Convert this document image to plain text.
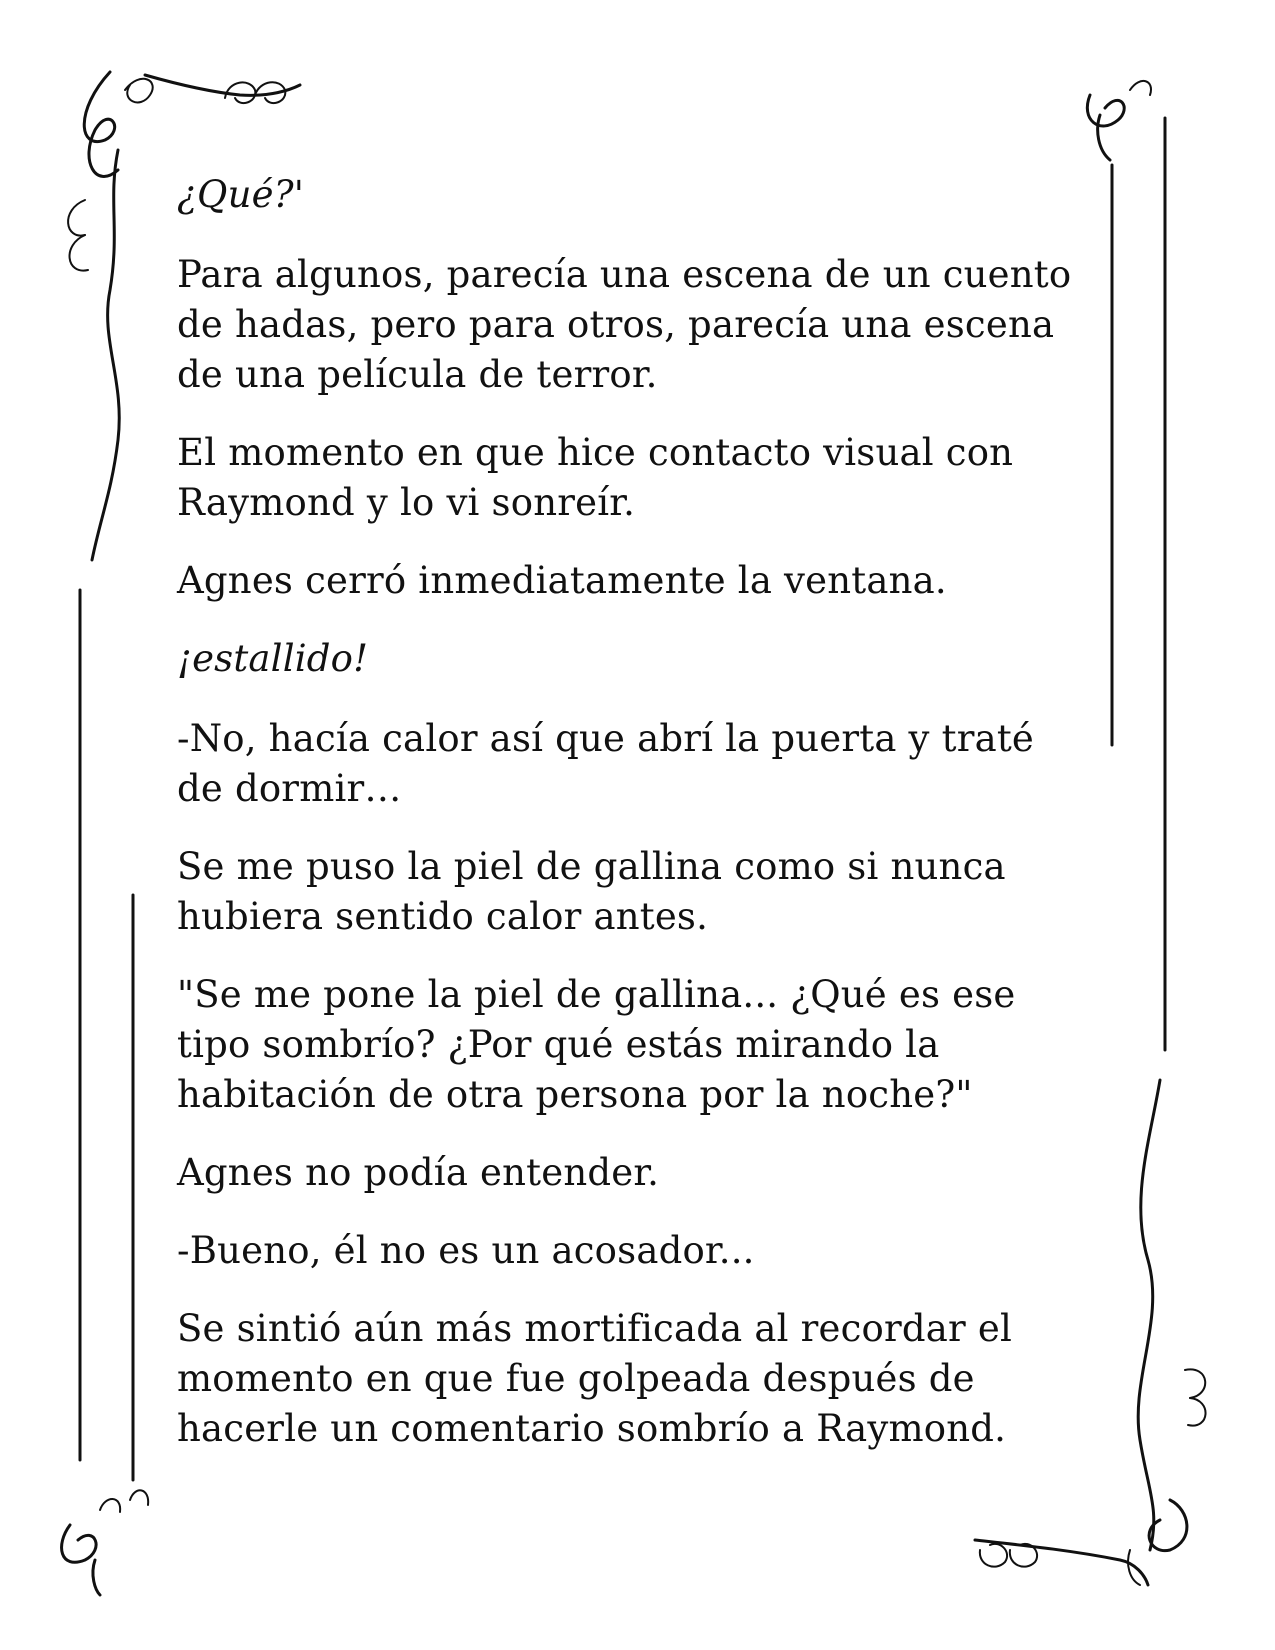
¿Qué?'

Para algunos, parecía una escena de un cuento de hadas, pero para otros, parecía una escena de una película de terror.

El momento en que hice contacto visual con Raymond y lo vi sonreír.

Agnes cerró inmediatamente la ventana.

¡estallido!

-No, hacía calor así que abrí la puerta y traté de dormir…

Se me puso la piel de gallina como si nunca hubiera sentido calor antes.

"Se me pone la piel de gallina... ¿Qué es ese tipo sombrío? ¿Por qué estás mirando la habitación de otra persona por la noche?"

Agnes no podía entender.

-Bueno, él no es un acosador...

Se sintió aún más mortificada al recordar el momento en que fue golpeada después de hacerle un comentario sombrío a Raymond.
